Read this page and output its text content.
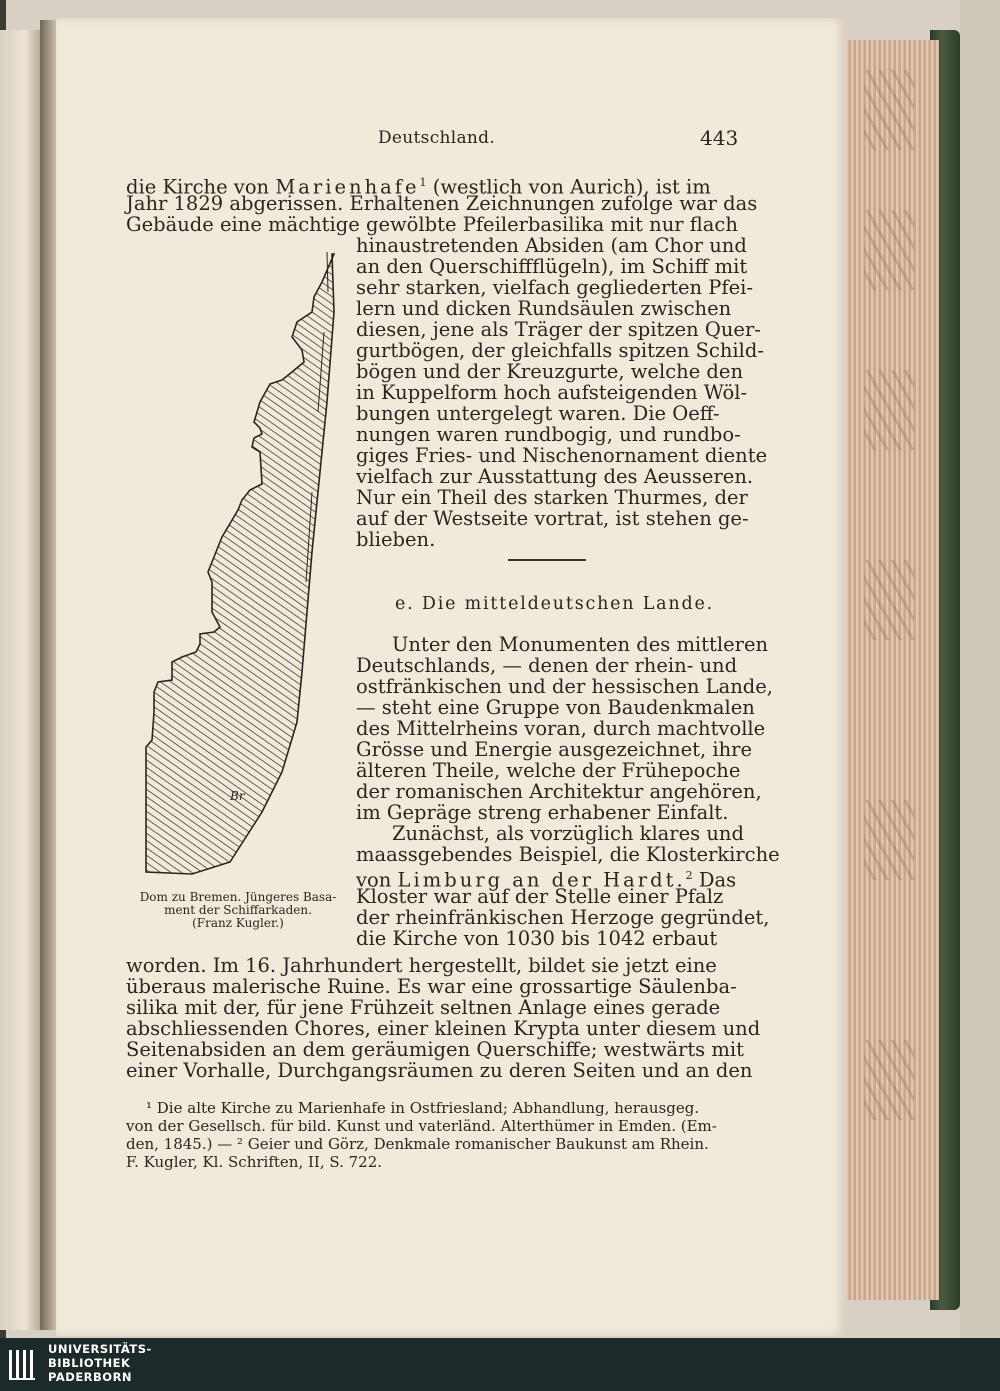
Deutschland.	443
die Kirche von Marienhafe$^1$ (westlich von Aurich), ist im
Jahr 1829 abgerissen. Erhaltenen Zeichnungen zufolge war das
Gebäude eine mächtige gewölbte Pfeilerbasilika mit nur flach
hinaustretenden Absiden (am Chor und
an den Querschiffflügeln), im Schiff mit
sehr starken, vielfach gegliederten Pfei-
lern und dicken Rundsäulen zwischen
diesen, jene als Träger der spitzen Quer-
gurtbögen, der gleichfalls spitzen Schild-
bögen und der Kreuzgurte, welche den
in Kuppelform hoch aufsteigenden Wöl-
bungen untergelegt waren. Die Oeff-
nungen waren rundbogig, und rundbo-
giges Fries- und Nischenornament diente
vielfach zur Ausstattung des Aeusseren.
Nur ein Theil des starken Thurmes, der
auf der Westseite vortrat, ist stehen ge-
blieben.
e. Die mitteldeutschen Lande.
Unter den Monumenten des mittleren
Deutschlands, — denen der rhein- und
ostfränkischen und der hessischen Lande,
— steht eine Gruppe von Baudenkmalen
des Mittelrheins voran, durch machtvolle
Grösse und Energie ausgezeichnet, ihre
älteren Theile, welche der Frühepoche
der romanischen Architektur angehören,
im Gepräge streng erhabener Einfalt.
Zunächst, als vorzüglich klares und
maassgebendes Beispiel, die Klosterkirche
von Limburg an der Hardt.$^2$ Das
Kloster war auf der Stelle einer Pfalz
der rheinfränkischen Herzoge gegründet,
die Kirche von 1030 bis 1042 erbaut
worden. Im 16. Jahrhundert hergestellt, bildet sie jetzt eine
überaus malerische Ruine. Es war eine grossartige Säulenba-
silika mit der, für jene Frühzeit seltnen Anlage eines gerade
abschliessenden Chores, einer kleinen Krypta unter diesem und
Seitenabsiden an dem geräumigen Querschiffe; westwärts mit
einer Vorhalle, Durchgangsräumen zu deren Seiten und an den
Br
Dom zu Bremen. Jüngeres Basa-
ment der Schiffarkaden.
(Franz Kugler.)
¹ Die alte Kirche zu Marienhafe in Ostfriesland; Abhandlung, herausgeg.
von der Gesellsch. für bild. Kunst und vaterländ. Alterthümer in Emden. (Em-
den, 1845.) — ² Geier und Görz, Denkmale romanischer Baukunst am Rhein.
F. Kugler, Kl. Schriften, II, S. 722.
UNIVERSITÄTS-
BIBLIOTHEK
PADERBORN
